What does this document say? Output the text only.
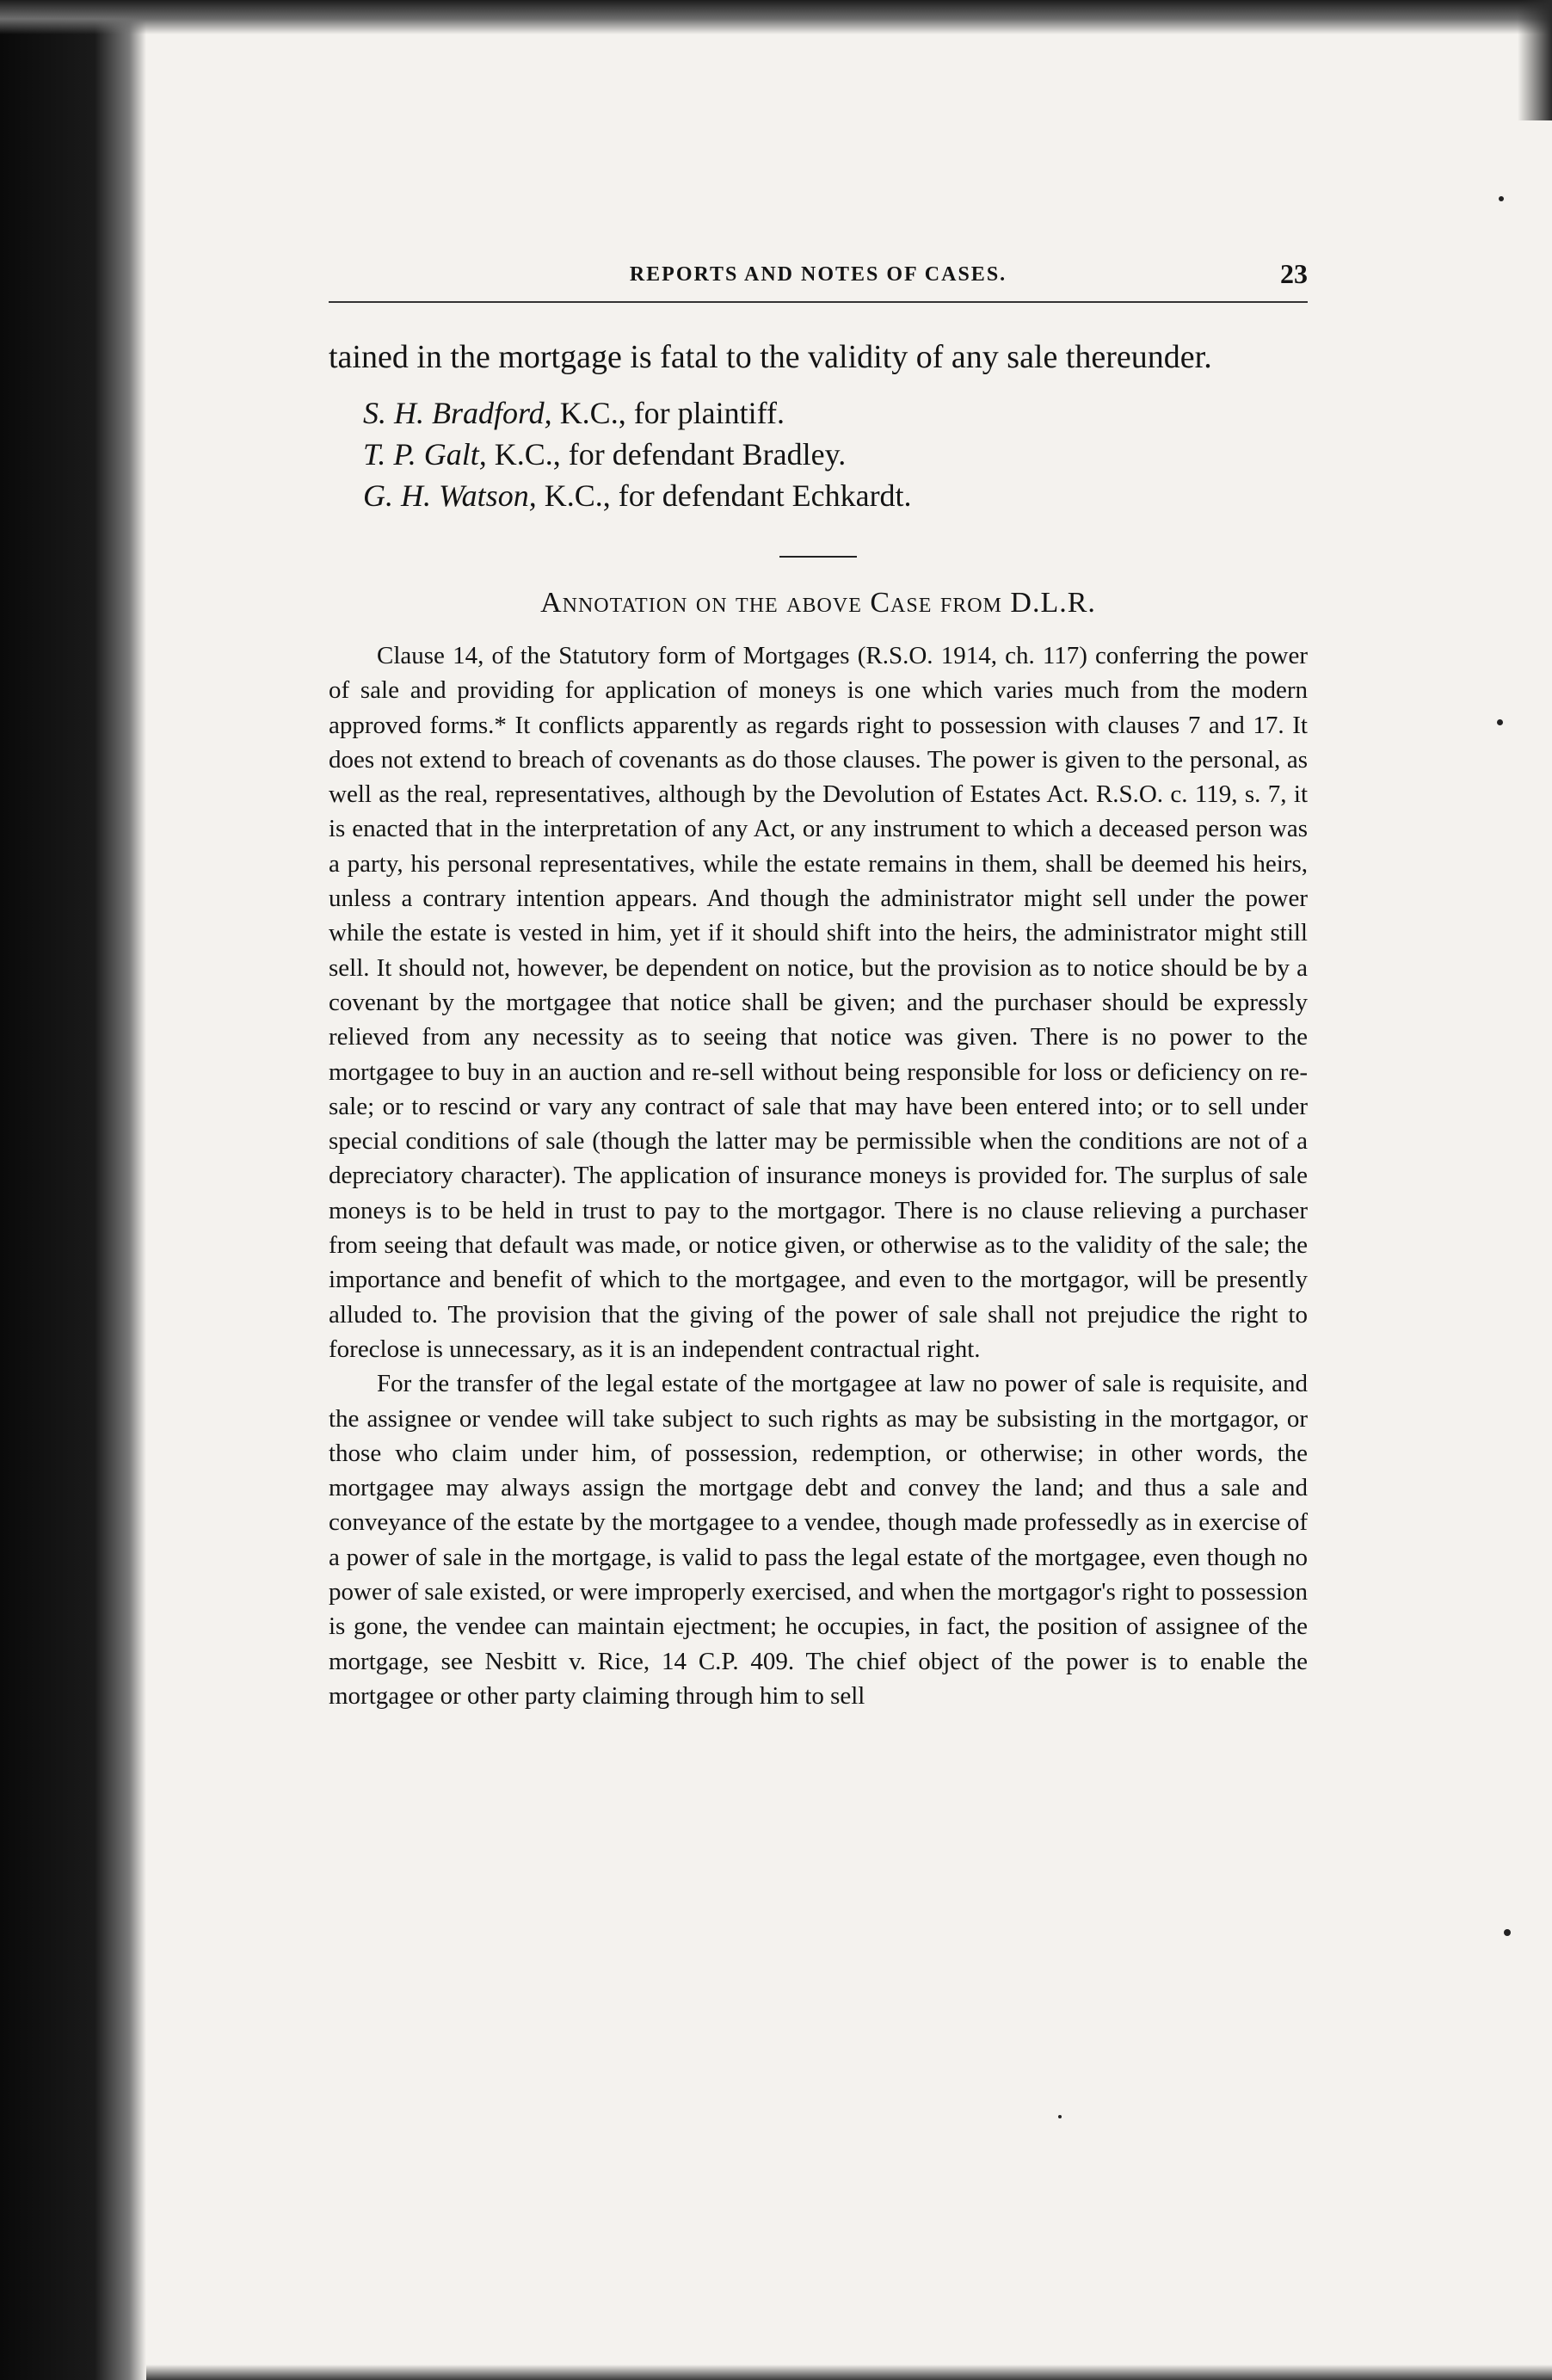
REPORTS AND NOTES OF CASES.	23

tained in the mortgage is fatal to the validity of any sale thereunder.

S. H. Bradford, K.C., for plaintiff.
T. P. Galt, K.C., for defendant Bradley.
G. H. Watson, K.C., for defendant Echkardt.
Annotation on the above Case from D.L.R.

Clause 14, of the Statutory form of Mortgages (R.S.O. 1914, ch. 117) conferring the power of sale and providing for application of moneys is one which varies much from the modern approved forms.* It conflicts apparently as regards right to possession with clauses 7 and 17. It does not extend to breach of covenants as do those clauses. The power is given to the personal, as well as the real, representatives, although by the Devolution of Estates Act. R.S.O. c. 119, s. 7, it is enacted that in the interpretation of any Act, or any instrument to which a deceased person was a party, his personal representatives, while the estate remains in them, shall be deemed his heirs, unless a contrary intention appears. And though the administrator might sell under the power while the estate is vested in him, yet if it should shift into the heirs, the administrator might still sell. It should not, however, be dependent on notice, but the provision as to notice should be by a covenant by the mortgagee that notice shall be given; and the purchaser should be expressly relieved from any necessity as to seeing that notice was given. There is no power to the mortgagee to buy in an auction and re-sell without being responsible for loss or deficiency on re-sale; or to rescind or vary any contract of sale that may have been entered into; or to sell under special conditions of sale (though the latter may be permissible when the conditions are not of a depreciatory character). The application of insurance moneys is provided for. The surplus of sale moneys is to be held in trust to pay to the mortgagor. There is no clause relieving a purchaser from seeing that default was made, or notice given, or otherwise as to the validity of the sale; the importance and benefit of which to the mortgagee, and even to the mortgagor, will be presently alluded to. The provision that the giving of the power of sale shall not prejudice the right to foreclose is unnecessary, as it is an independent contractual right.

For the transfer of the legal estate of the mortgagee at law no power of sale is requisite, and the assignee or vendee will take subject to such rights as may be subsisting in the mortgagor, or those who claim under him, of possession, redemption, or otherwise; in other words, the mortgagee may always assign the mortgage debt and convey the land; and thus a sale and conveyance of the estate by the mortgagee to a vendee, though made professedly as in exercise of a power of sale in the mortgage, is valid to pass the legal estate of the mortgagee, even though no power of sale existed, or were improperly exercised, and when the mortgagor's right to possession is gone, the vendee can maintain ejectment; he occupies, in fact, the position of assignee of the mortgage, see Nesbitt v. Rice, 14 C.P. 409. The chief object of the power is to enable the mortgagee or other party claiming through him to sell
